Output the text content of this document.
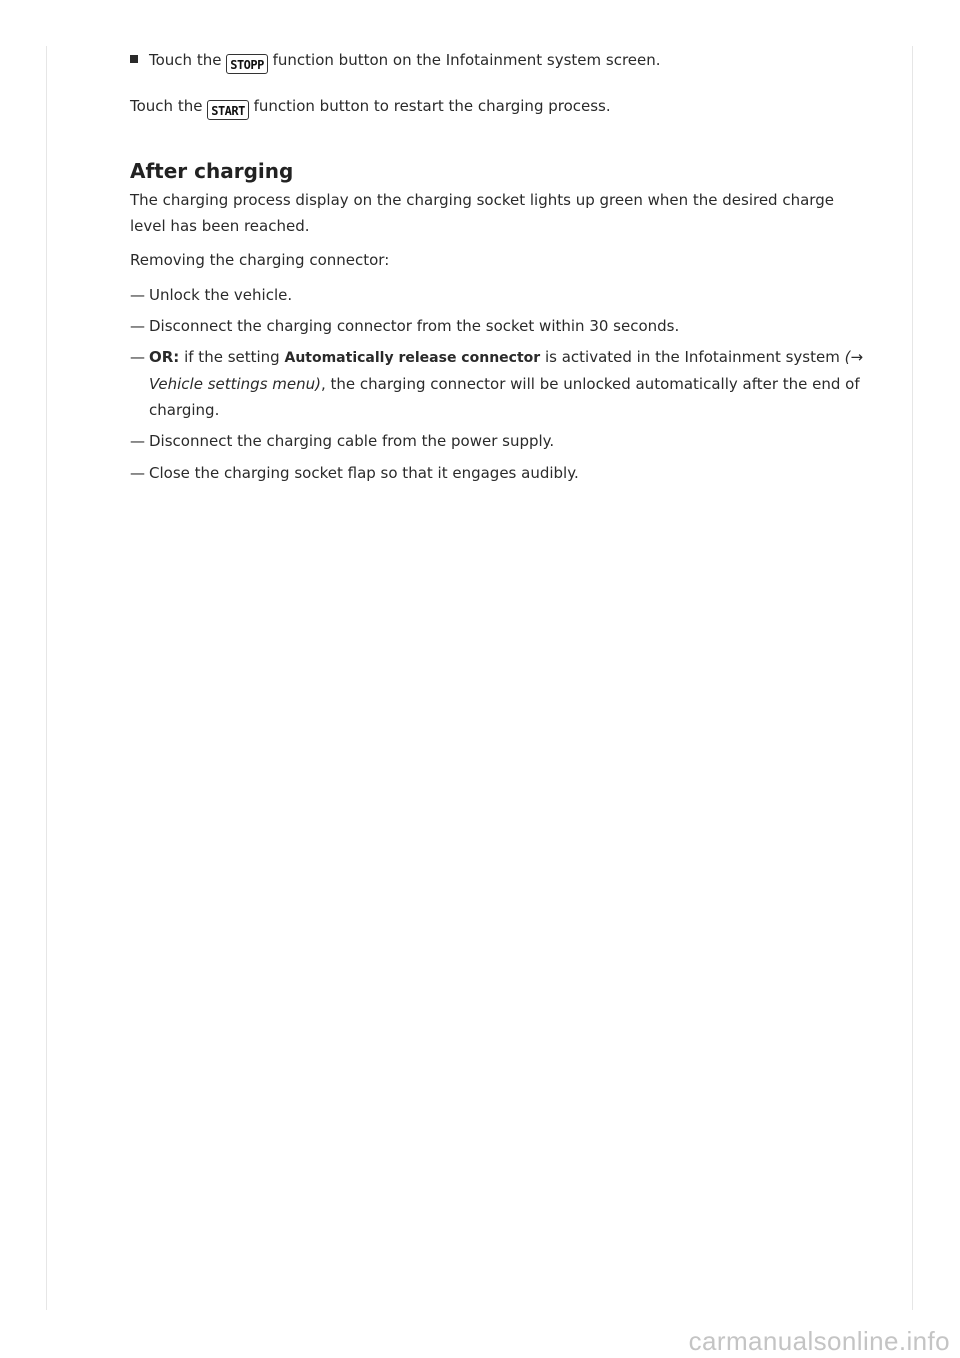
Touch the STOPP function button on the Infotainment system screen.
Touch the START function button to restart the charging process.
After charging
The charging process display on the charging socket lights up green when the desired charge
level has been reached.
Removing the charging connector:
— Unlock the vehicle.
— Disconnect the charging connector from the socket within 30 seconds.
— OR: if the setting Automatically release connector is activated in the Infotainment system (→
Vehicle settings menu), the charging connector will be unlocked automatically after the end of
charging.
— Disconnect the charging cable from the power supply.
— Close the charging socket flap so that it engages audibly.
carmanualsonline.info
